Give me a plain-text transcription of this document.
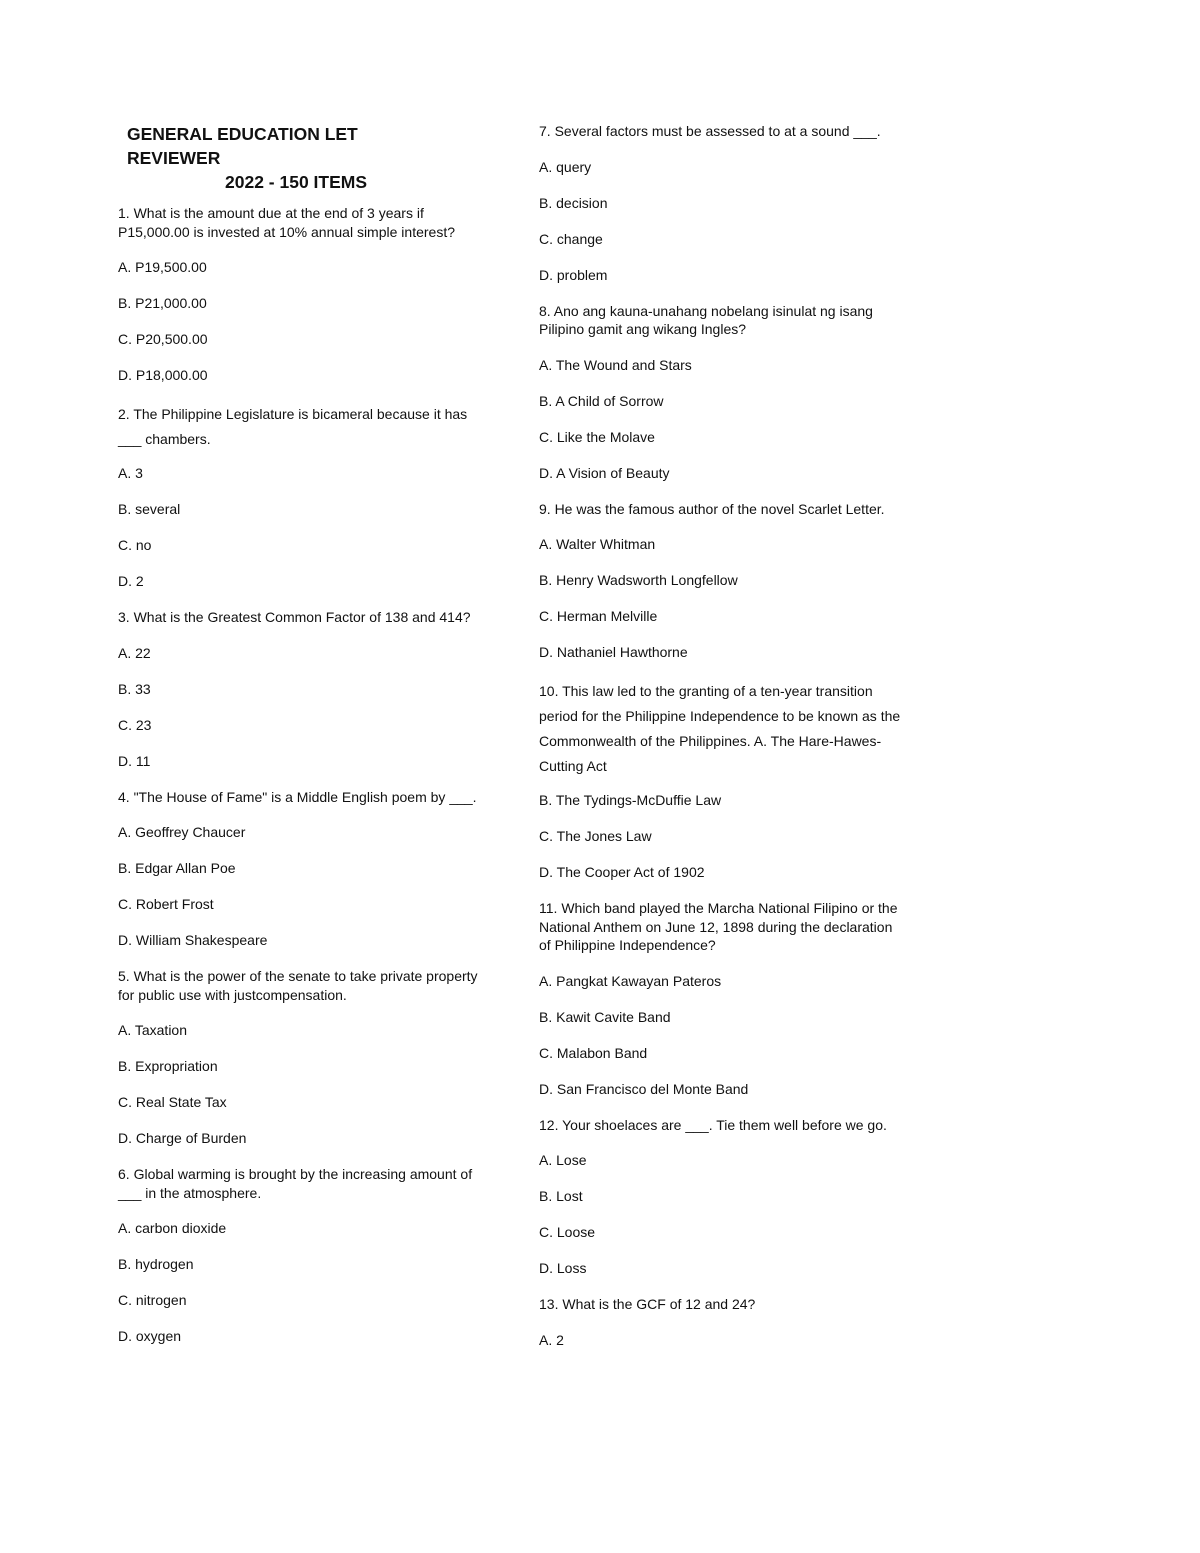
GENERAL EDUCATION LET
REVIEWER
2022 - 150 ITEMS
1. What is the amount due at the end of 3 years if P15,000.00 is invested at 10% annual simple interest?
A. P19,500.00
B. P21,000.00
C. P20,500.00
D. P18,000.00
2. The Philippine Legislature is bicameral because it has ___ chambers.
A. 3
B. several
C. no
D. 2
3. What is the Greatest Common Factor of 138 and 414?
A. 22
B. 33
C. 23
D. 11
4. "The House of Fame" is a Middle English poem by ___.
A. Geoffrey Chaucer
B. Edgar Allan Poe
C. Robert Frost
D. William Shakespeare
5. What is the power of the senate to take private property for public use with justcompensation.
A. Taxation
B. Expropriation
C. Real State Tax
D. Charge of Burden
6. Global warming is brought by the increasing amount of ___ in the atmosphere.
A. carbon dioxide
B. hydrogen
C. nitrogen
D. oxygen
7. Several factors must be assessed to at a sound ___.
A. query
B. decision
C. change
D. problem
8. Ano ang kauna-unahang nobelang isinulat ng isang Pilipino gamit ang wikang Ingles?
A. The Wound and Stars
B. A Child of Sorrow
C. Like the Molave
D. A Vision of Beauty
9. He was the famous author of the novel Scarlet Letter.
A. Walter Whitman
B. Henry Wadsworth Longfellow
C. Herman Melville
D. Nathaniel Hawthorne
10. This law led to the granting of a ten-year transition period for the Philippine Independence to be known as the Commonwealth of the Philippines. A. The Hare-Hawes-Cutting Act
B. The Tydings-McDuffie Law
C. The Jones Law
D. The Cooper Act of 1902
11. Which band played the Marcha National Filipino or the National Anthem on June 12, 1898 during the declaration of Philippine Independence?
A. Pangkat Kawayan Pateros
B. Kawit Cavite Band
C. Malabon Band
D. San Francisco del Monte Band
12. Your shoelaces are ___. Tie them well before we go.
A. Lose
B. Lost
C. Loose
D. Loss
13. What is the GCF of 12 and 24?
A. 2
